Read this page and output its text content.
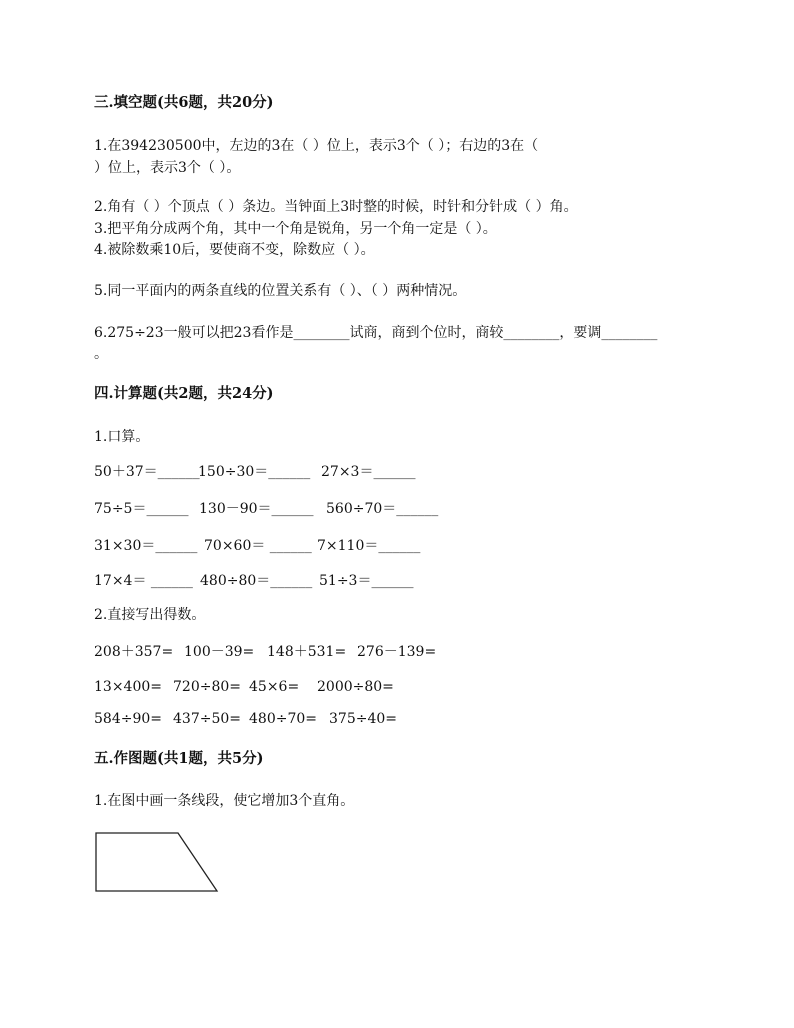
三.填空题(共6题，共20分)
1.在394230500中，左边的3在（ ）位上，表示3个（ ）；右边的3在（
）位上，表示3个（ ）。
2.角有（ ）个顶点（ ）条边。当钟面上3时整的时候，时针和分针成（ ）角。
3.把平角分成两个角，其中一个角是锐角，另一个角一定是（ ）。
4.被除数乘10后，要使商不变，除数应（ ）。
5.同一平面内的两条直线的位置关系有（ ）、（ ）两种情况。
6.275÷23一般可以把23看作是________试商，商到个位时，商较________，要调________
。
四.计算题(共2题，共24分)
1.口算。
50＋37＝______150÷30＝______ 27×3＝______
75÷5＝______ 130－90＝______ 560÷70＝______
31×30＝______ 70×60＝ ______ 7×110＝______
17×4＝ ______ 480÷80＝______ 51÷3＝______
2.直接写出得数。
208＋357= 100－39= 148＋531= 276－139=
13×400= 720÷80= 45×6= 2000÷80=
584÷90= 437÷50= 480÷70= 375÷40=
五.作图题(共1题，共5分)
1.在图中画一条线段，使它增加3个直角。
